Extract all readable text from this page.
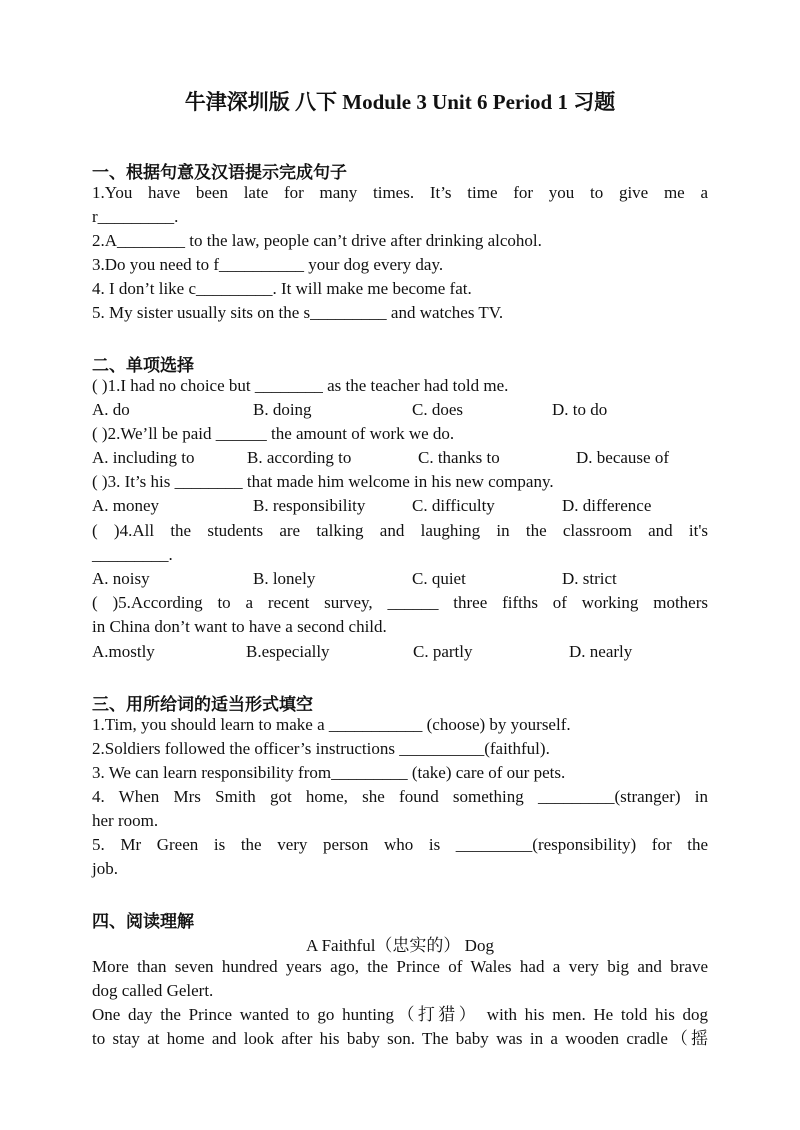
牛津深圳版 八下 Module 3 Unit 6 Period 1 习题
一、根据句意及汉语提示完成句子
1.You have been late for many times. It’s time for you to give me a
r_________.
2.A________ to the law, people can’t drive after drinking alcohol.
3.Do you need to f__________ your dog every day.
4. I don’t like c_________. It will make me become fat.
5. My sister usually sits on the s_________ and watches TV.
二、单项选择
( )1.I had no choice but ________ as the teacher had told me.
A. do	B. doing	C. does	D. to do
( )2.We’ll be paid ______ the amount of work we do.
A. including to	B. according to	C. thanks to	D. because of
( )3. It’s his ________ that made him welcome in his new company.
A. money	B. responsibility	C. difficulty	D. difference
( )4.All the students are talking and laughing in the classroom and it's
_________.
A. noisy	B. lonely	C. quiet	D. strict
( )5.According to a recent survey, ______ three fifths of working mothers
in China don’t want to have a second child.
A.mostly	B.especially	C. partly	D. nearly
三、用所给词的适当形式填空
1.Tim, you should learn to make a ___________ (choose) by yourself.
2.Soldiers followed the officer’s instructions __________(faithful).
3. We can learn responsibility from_________ (take) care of our pets.
4. When Mrs Smith got home, she found something _________(stranger) in
her room.
5. Mr Green is the very person who is _________(responsibility) for the
job.
四、阅读理解
A Faithful（忠实的） Dog
More than seven hundred years ago, the Prince of Wales had a very big and brave
dog called Gelert.
One day the Prince wanted to go hunting（打猎） with his men. He told his dog
to stay at home and look after his baby son. The baby was in a wooden cradle（摇
